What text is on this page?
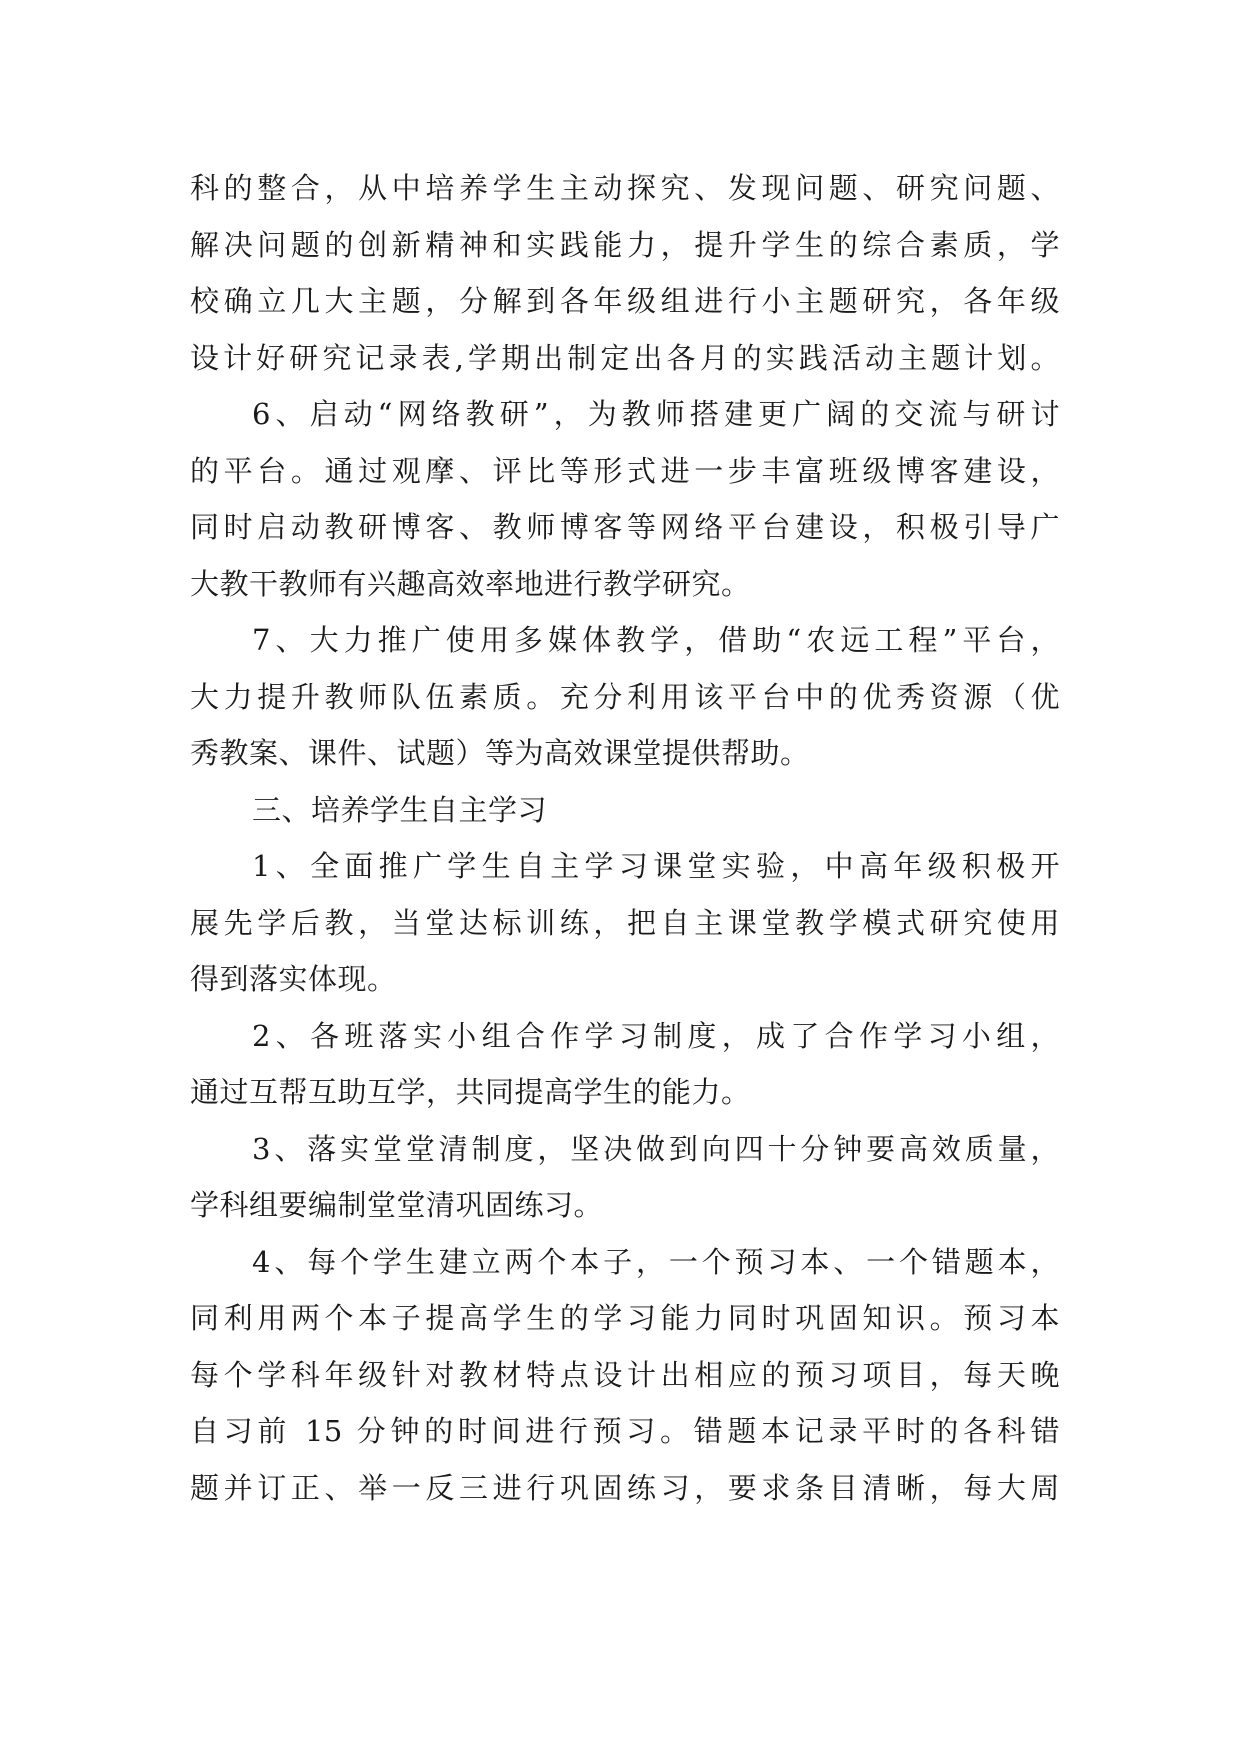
科的整合，从中培养学生主动探究、发现问题、研究问题、
解决问题的创新精神和实践能力，提升学生的综合素质，学
校确立几大主题，分解到各年级组进行小主题研究，各年级
设计好研究记录表,学期出制定出各月的实践活动主题计划。
6、启动“网络教研”，为教师搭建更广阔的交流与研讨
的平台。通过观摩、评比等形式进一步丰富班级博客建设，
同时启动教研博客、教师博客等网络平台建设，积极引导广
大教干教师有兴趣高效率地进行教学研究。
7、大力推广使用多媒体教学，借助“农远工程”平台，
大力提升教师队伍素质。充分利用该平台中的优秀资源（优
秀教案、课件、试题）等为高效课堂提供帮助。
三、培养学生自主学习
1、全面推广学生自主学习课堂实验，中高年级积极开
展先学后教，当堂达标训练，把自主课堂教学模式研究使用
得到落实体现。
2、各班落实小组合作学习制度，成了合作学习小组，
通过互帮互助互学，共同提高学生的能力。
3、落实堂堂清制度，坚决做到向四十分钟要高效质量，
学科组要编制堂堂清巩固练习。
4、每个学生建立两个本子，一个预习本、一个错题本，
同利用两个本子提高学生的学习能力同时巩固知识。预习本
每个学科年级针对教材特点设计出相应的预习项目，每天晚
自习前 15 分钟的时间进行预习。错题本记录平时的各科错
题并订正、举一反三进行巩固练习，要求条目清晰，每大周
